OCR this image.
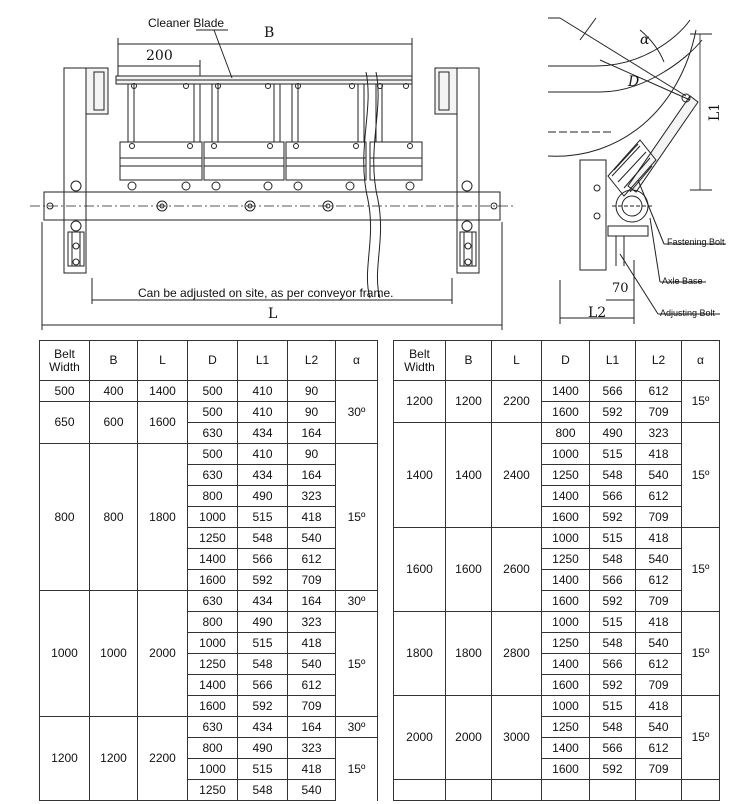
Cleaner Blade
B
200
Can be adjusted on site, as per conveyor frame.
L
α
D
L1
L2
70
Fastening Bolt
Axle Base
Adjusting Bolt
Belt Width	B	L	D	L1	L2	α
500	400	1400	500	410	90	30º
650	600	1600	500	410	90	
			630	434	164	
800	800	1800	500	410	90	15º
			630	434	164	
			800	490	323	
			1000	515	418	
			1250	548	540	
			1400	566	612	
			1600	592	709	
1000	1000	2000	630	434	164	30º
			800	490	323	15º
			1000	515	418	
			1250	548	540	
			1400	566	612	
			1600	592	709	
1200	1200	2200	630	434	164	30º
			800	490	323	15º
			1000	515	418	
			1250	548	540	
Belt Width	B	L	D	L1	L2	α
1200	1200	2200	1400	566	612	15º
			1600	592	709	
1400	1400	2400	800	490	323	15º
			1000	515	418	
			1250	548	540	
			1400	566	612	
			1600	592	709	
1600	1600	2600	1000	515	418	15º
			1250	548	540	
			1400	566	612	
			1600	592	709	
1800	1800	2800	1000	515	418	15º
			1250	548	540	
			1400	566	612	
			1600	592	709	
2000	2000	3000	1000	515	418	15º
			1250	548	540	
			1400	566	612	
			1600	592	709	
